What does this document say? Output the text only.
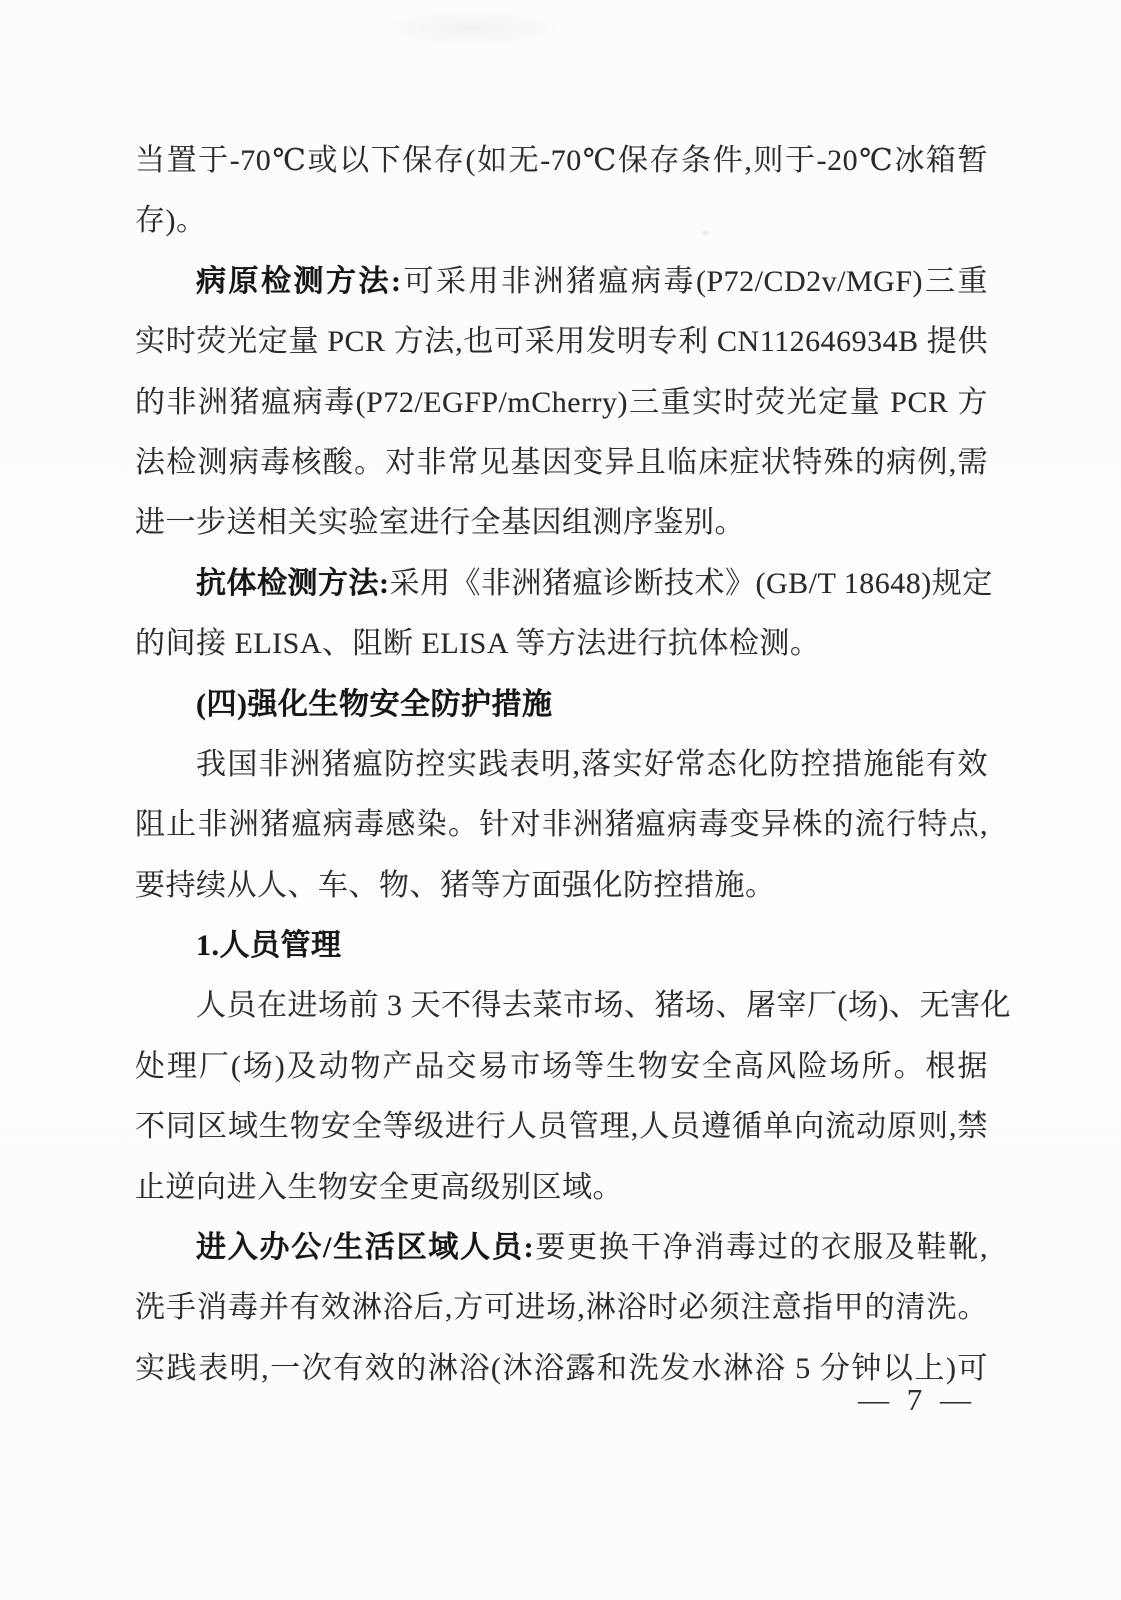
当置于-70℃或以下保存(如无-70℃保存条件,则于-20℃冰箱暂
存)。
病原检测方法:可采用非洲猪瘟病毒(P72/CD2v/MGF)三重
实时荧光定量 PCR 方法,也可采用发明专利 CN112646934B 提供
的非洲猪瘟病毒(P72/EGFP/mCherry)三重实时荧光定量 PCR 方
法检测病毒核酸。对非常见基因变异且临床症状特殊的病例,需
进一步送相关实验室进行全基因组测序鉴别。
抗体检测方法:采用《非洲猪瘟诊断技术》(GB/T 18648)规定
的间接 ELISA、阻断 ELISA 等方法进行抗体检测。
(四)强化生物安全防护措施
我国非洲猪瘟防控实践表明,落实好常态化防控措施能有效
阻止非洲猪瘟病毒感染。针对非洲猪瘟病毒变异株的流行特点,
要持续从人、车、物、猪等方面强化防控措施。
1.人员管理
人员在进场前 3 天不得去菜市场、猪场、屠宰厂(场)、无害化
处理厂(场)及动物产品交易市场等生物安全高风险场所。根据
不同区域生物安全等级进行人员管理,人员遵循单向流动原则,禁
止逆向进入生物安全更高级别区域。
进入办公/生活区域人员:要更换干净消毒过的衣服及鞋靴,
洗手消毒并有效淋浴后,方可进场,淋浴时必须注意指甲的清洗。
实践表明,一次有效的淋浴(沐浴露和洗发水淋浴 5 分钟以上)可
— 7 —
